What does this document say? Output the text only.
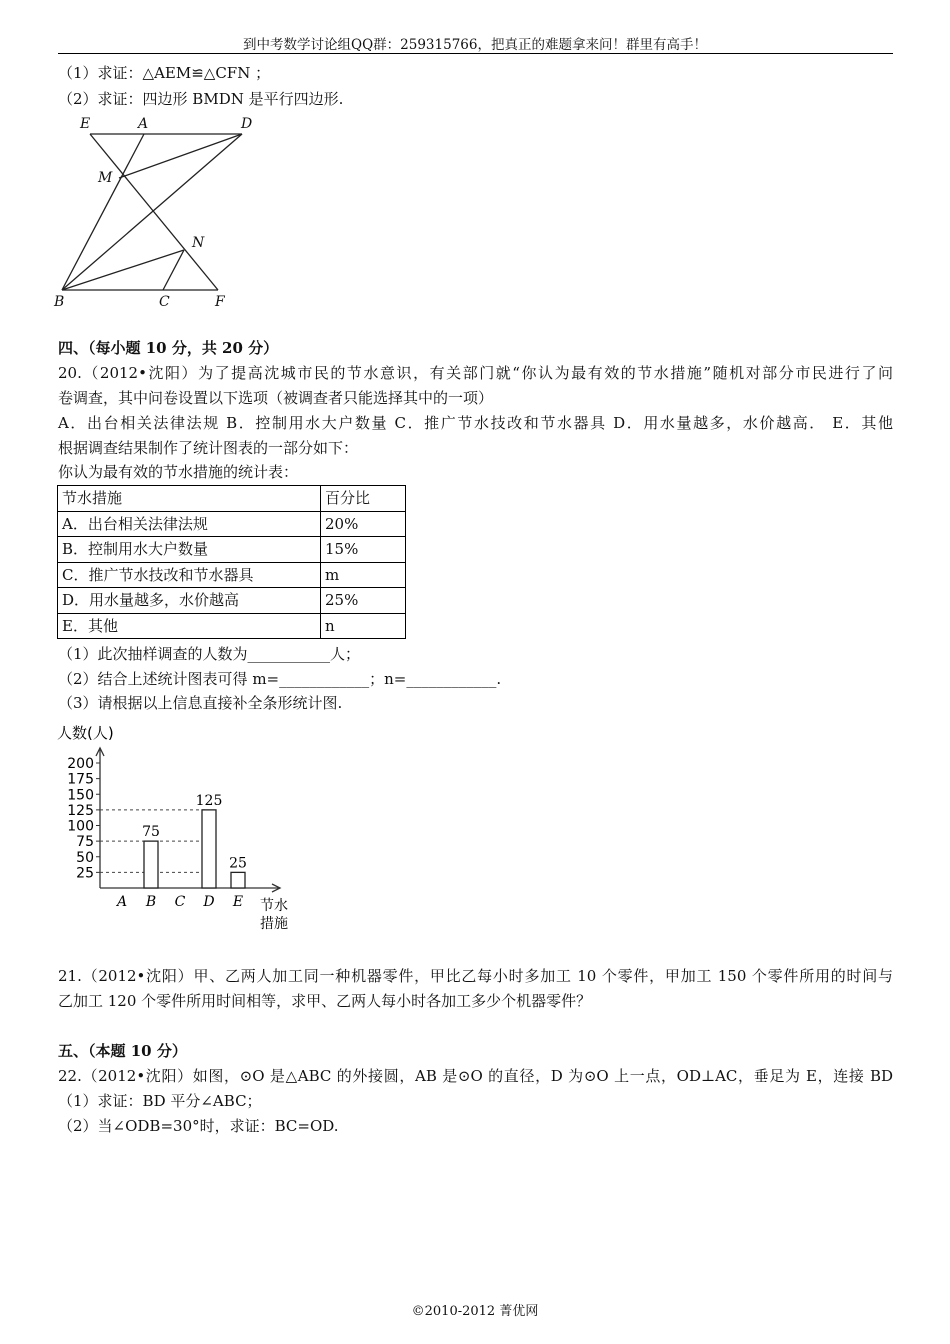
到中考数学讨论组QQ群：259315766，把真正的难题拿来问！群里有高手！
（1）求证：△AEM≌△CFN ；
（2）求证：四边形 BMDN 是平行四边形.
E	A	D
M
N
B	C	F
四、（每小题 10 分，共 20 分）
20.（2012•沈阳）为了提高沈城市民的节水意识，有关部门就“你认为最有效的节水措施”随机对部分市民进行了问
卷调查，其中问卷设置以下选项（被调查者只能选择其中的一项）
A．出台相关法律法规 B．控制用水大户数量 C．推广节水技改和节水器具 D．用水量越多，水价越高． E．其他
根据调查结果制作了统计图表的一部分如下：
你认为最有效的节水措施的统计表：
节水措施	百分比
A．出台相关法律法规	20%
B．控制用水大户数量	15%
C．推广节水技改和节水器具	m
D．用水量越多，水价越高	25%
E．其他	n
（1）此次抽样调查的人数为___________人；
（2）结合上述统计图表可得 m=____________；n=____________.
（3）请根据以上信息直接补全条形统计图.
人数(人)
25
50
75
100
125
150
175
200
A
75
B C
125
D
25
E 节水
措施
21.（2012•沈阳）甲、乙两人加工同一种机器零件，甲比乙每小时多加工 10 个零件，甲加工 150 个零件所用的时间与
乙加工 120 个零件所用时间相等，求甲、乙两人每小时各加工多少个机器零件？
五、（本题 10 分）
22.（2012•沈阳）如图，⊙O 是△ABC 的外接圆，AB 是⊙O 的直径，D 为⊙O 上一点，OD⊥AC，垂足为 E，连接 BD
（1）求证：BD 平分∠ABC；
（2）当∠ODB=30°时，求证：BC=OD.
©2010-2012 菁优网
